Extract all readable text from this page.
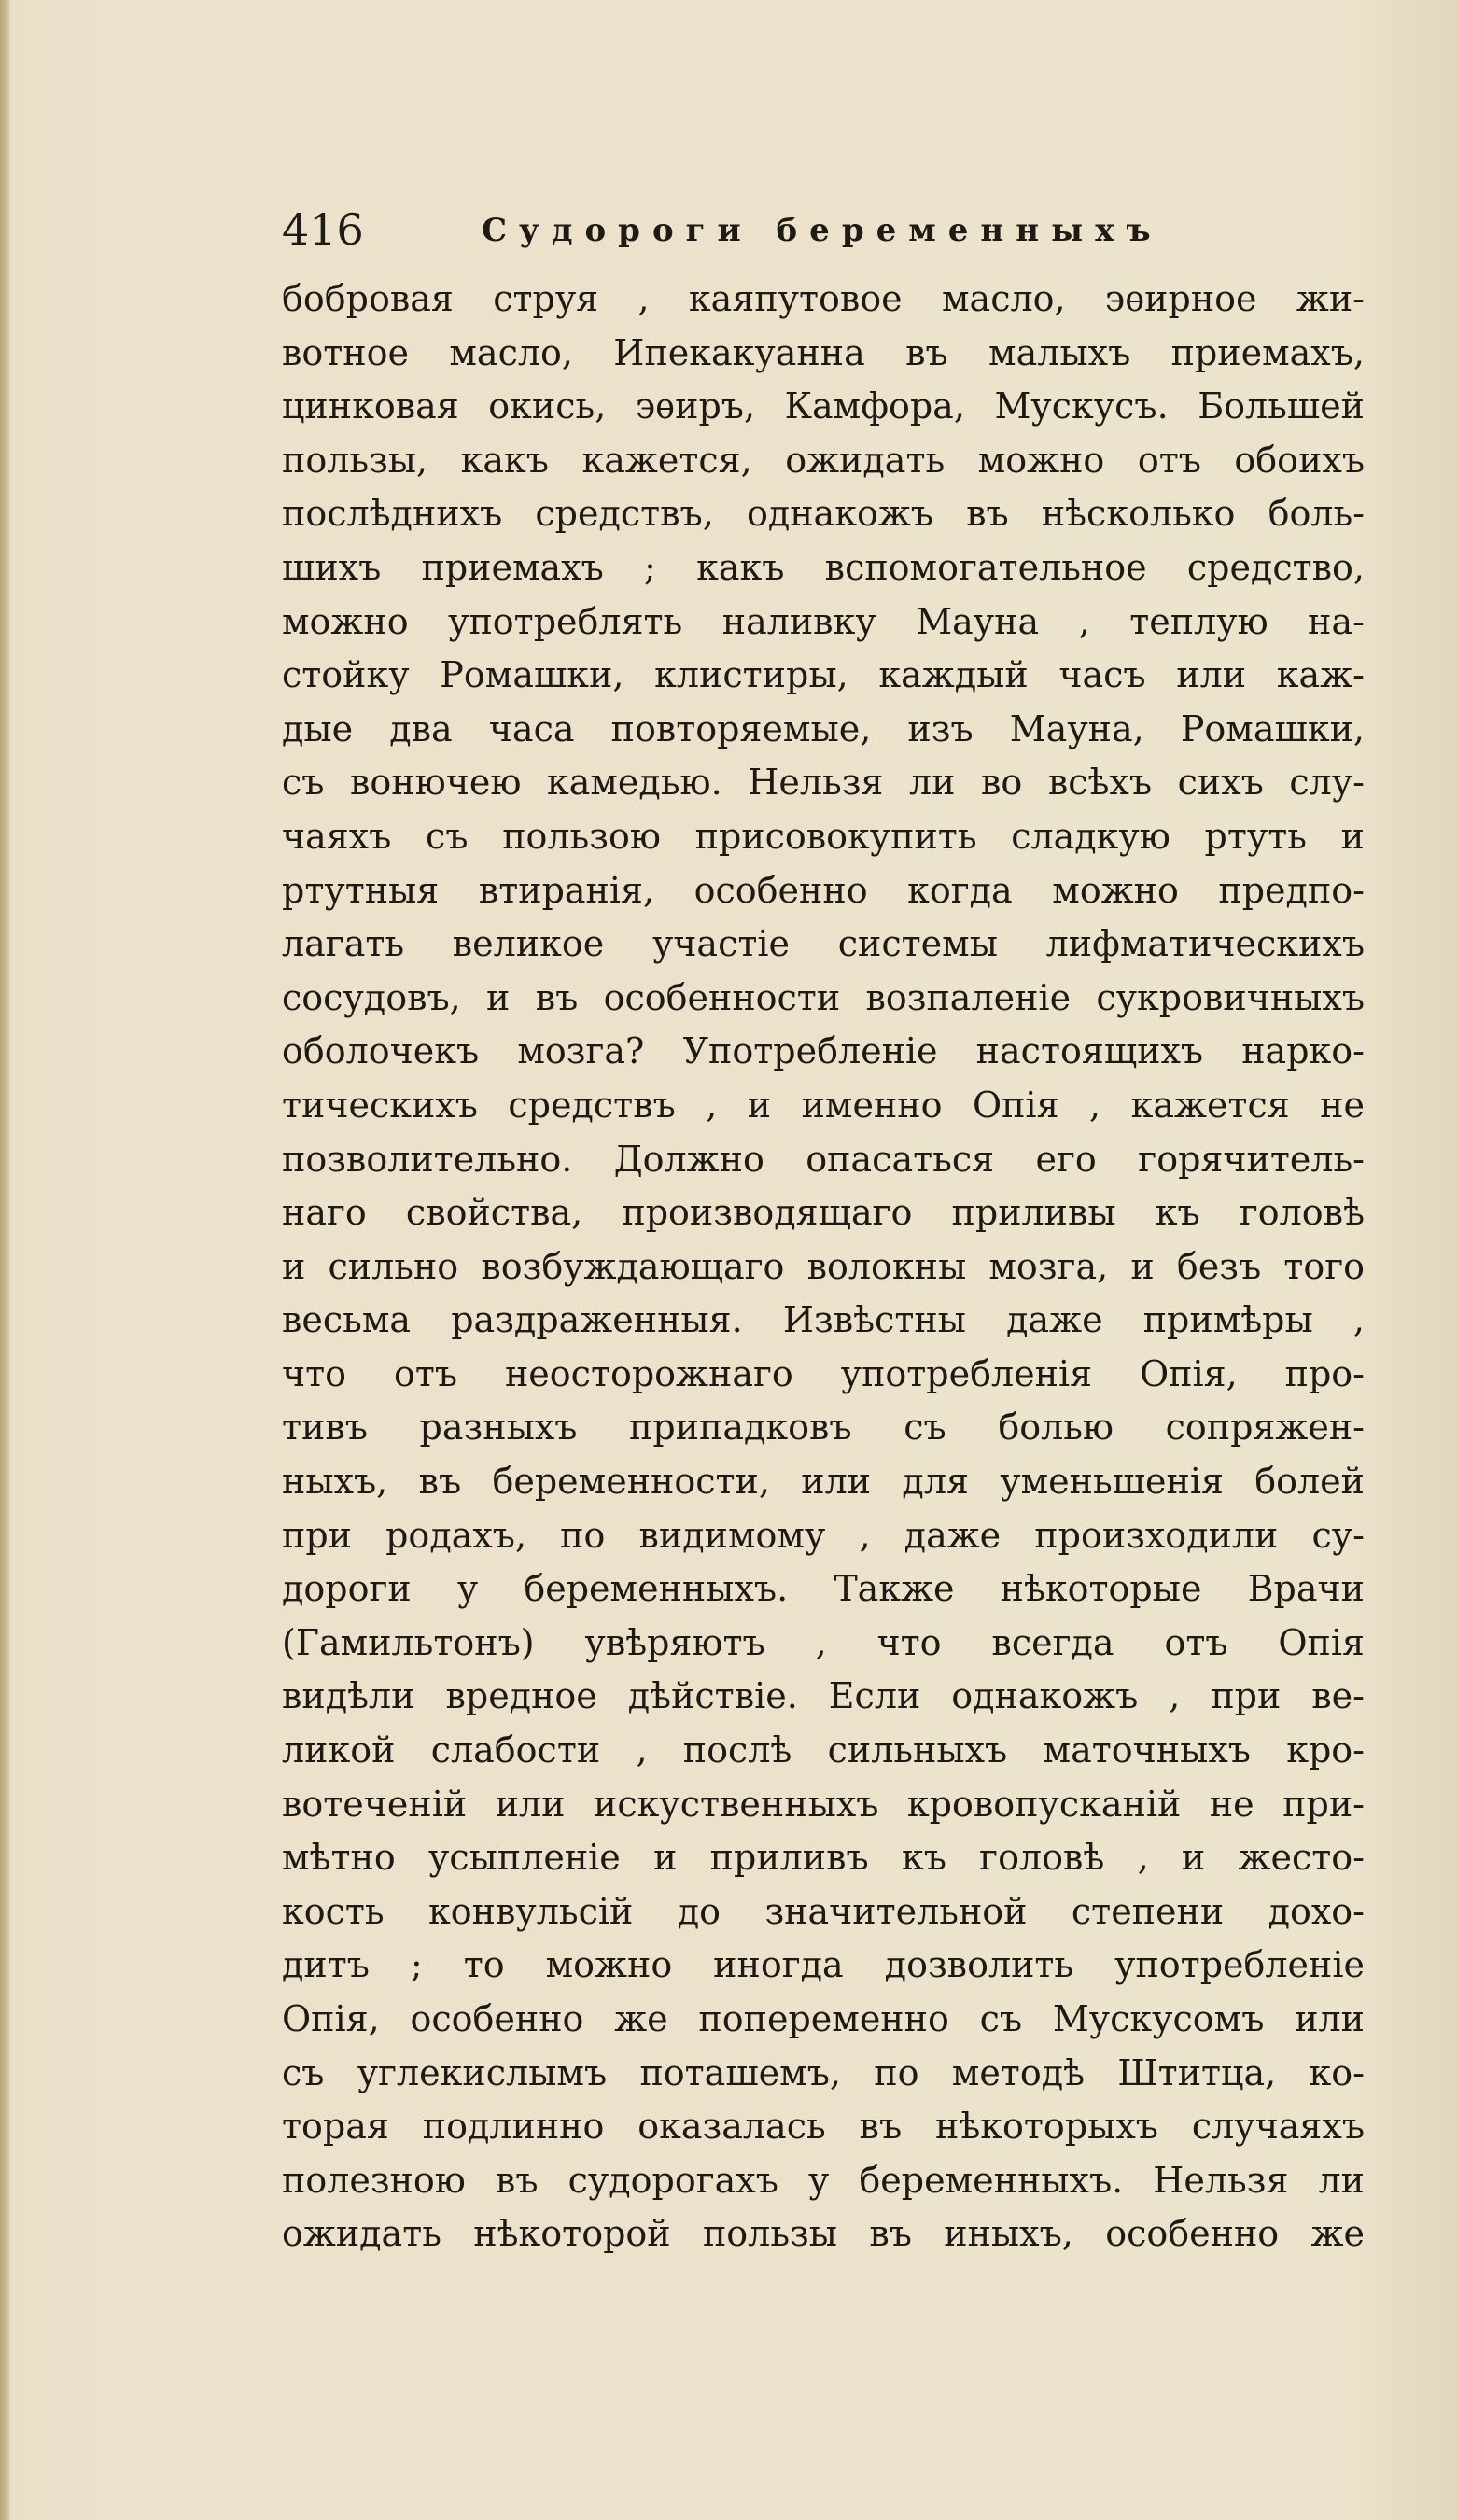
416	Судороги беременныхъ
бобровая струя , каяпутовое масло, эѳирное жи-
вотное масло, Ипекакуанна въ малыхъ приемахъ,
цинковая окись, эѳиръ, Камфора, Мускусъ. Большей
пользы, какъ кажется, ожидать можно отъ обоихъ
послѣднихъ средствъ, однакожъ въ нѣсколько боль-
шихъ приемахъ ; какъ вспомогательное средство,
можно употреблять наливку Мауна , теплую на-
стойку Ромашки, клистиры, каждый часъ или каж-
дые два часа повторяемые, изъ Мауна, Ромашки,
съ вонючею камедью. Нельзя ли во всѣхъ сихъ слу-
чаяхъ съ пользою присовокупить сладкую ртуть и
ртутныя втиранія, особенно когда можно предпо-
лагать великое участіе системы лифматическихъ
сосудовъ, и въ особенности возпаленіе сукровичныхъ
оболочекъ мозга? Употребленіе настоящихъ нарко-
тическихъ средствъ , и именно Опія , кажется не
позволительно. Должно опасаться его горячитель-
наго свойства, производящаго приливы къ головѣ
и сильно возбуждающаго волокны мозга, и безъ того
весьма раздраженныя. Извѣстны даже примѣры ,
что отъ неосторожнаго употребленія Опія, про-
тивъ разныхъ припадковъ съ болью сопряжен-
ныхъ, въ беременности, или для уменьшенія болей
при родахъ, по видимому , даже произходили су-
дороги у беременныхъ. Также нѣкоторые Врачи
(Гамильтонъ) увѣряютъ , что всегда отъ Опія
видѣли вредное дѣйствіе. Если однакожъ , при ве-
ликой слабости , послѣ сильныхъ маточныхъ кро-
вотеченій или искуственныхъ кровопусканій не при-
мѣтно усыпленіе и приливъ къ головѣ , и жесто-
кость конвульсій до значительной степени дохо-
дитъ ; то можно иногда дозволить употребленіе
Опія, особенно же попеременно съ Мускусомъ или
съ углекислымъ поташемъ, по методѣ Штитца, ко-
торая подлинно оказалась въ нѣкоторыхъ случаяхъ
полезною въ судорогахъ у беременныхъ. Нельзя ли
ожидать нѣкоторой пользы въ иныхъ, особенно же
